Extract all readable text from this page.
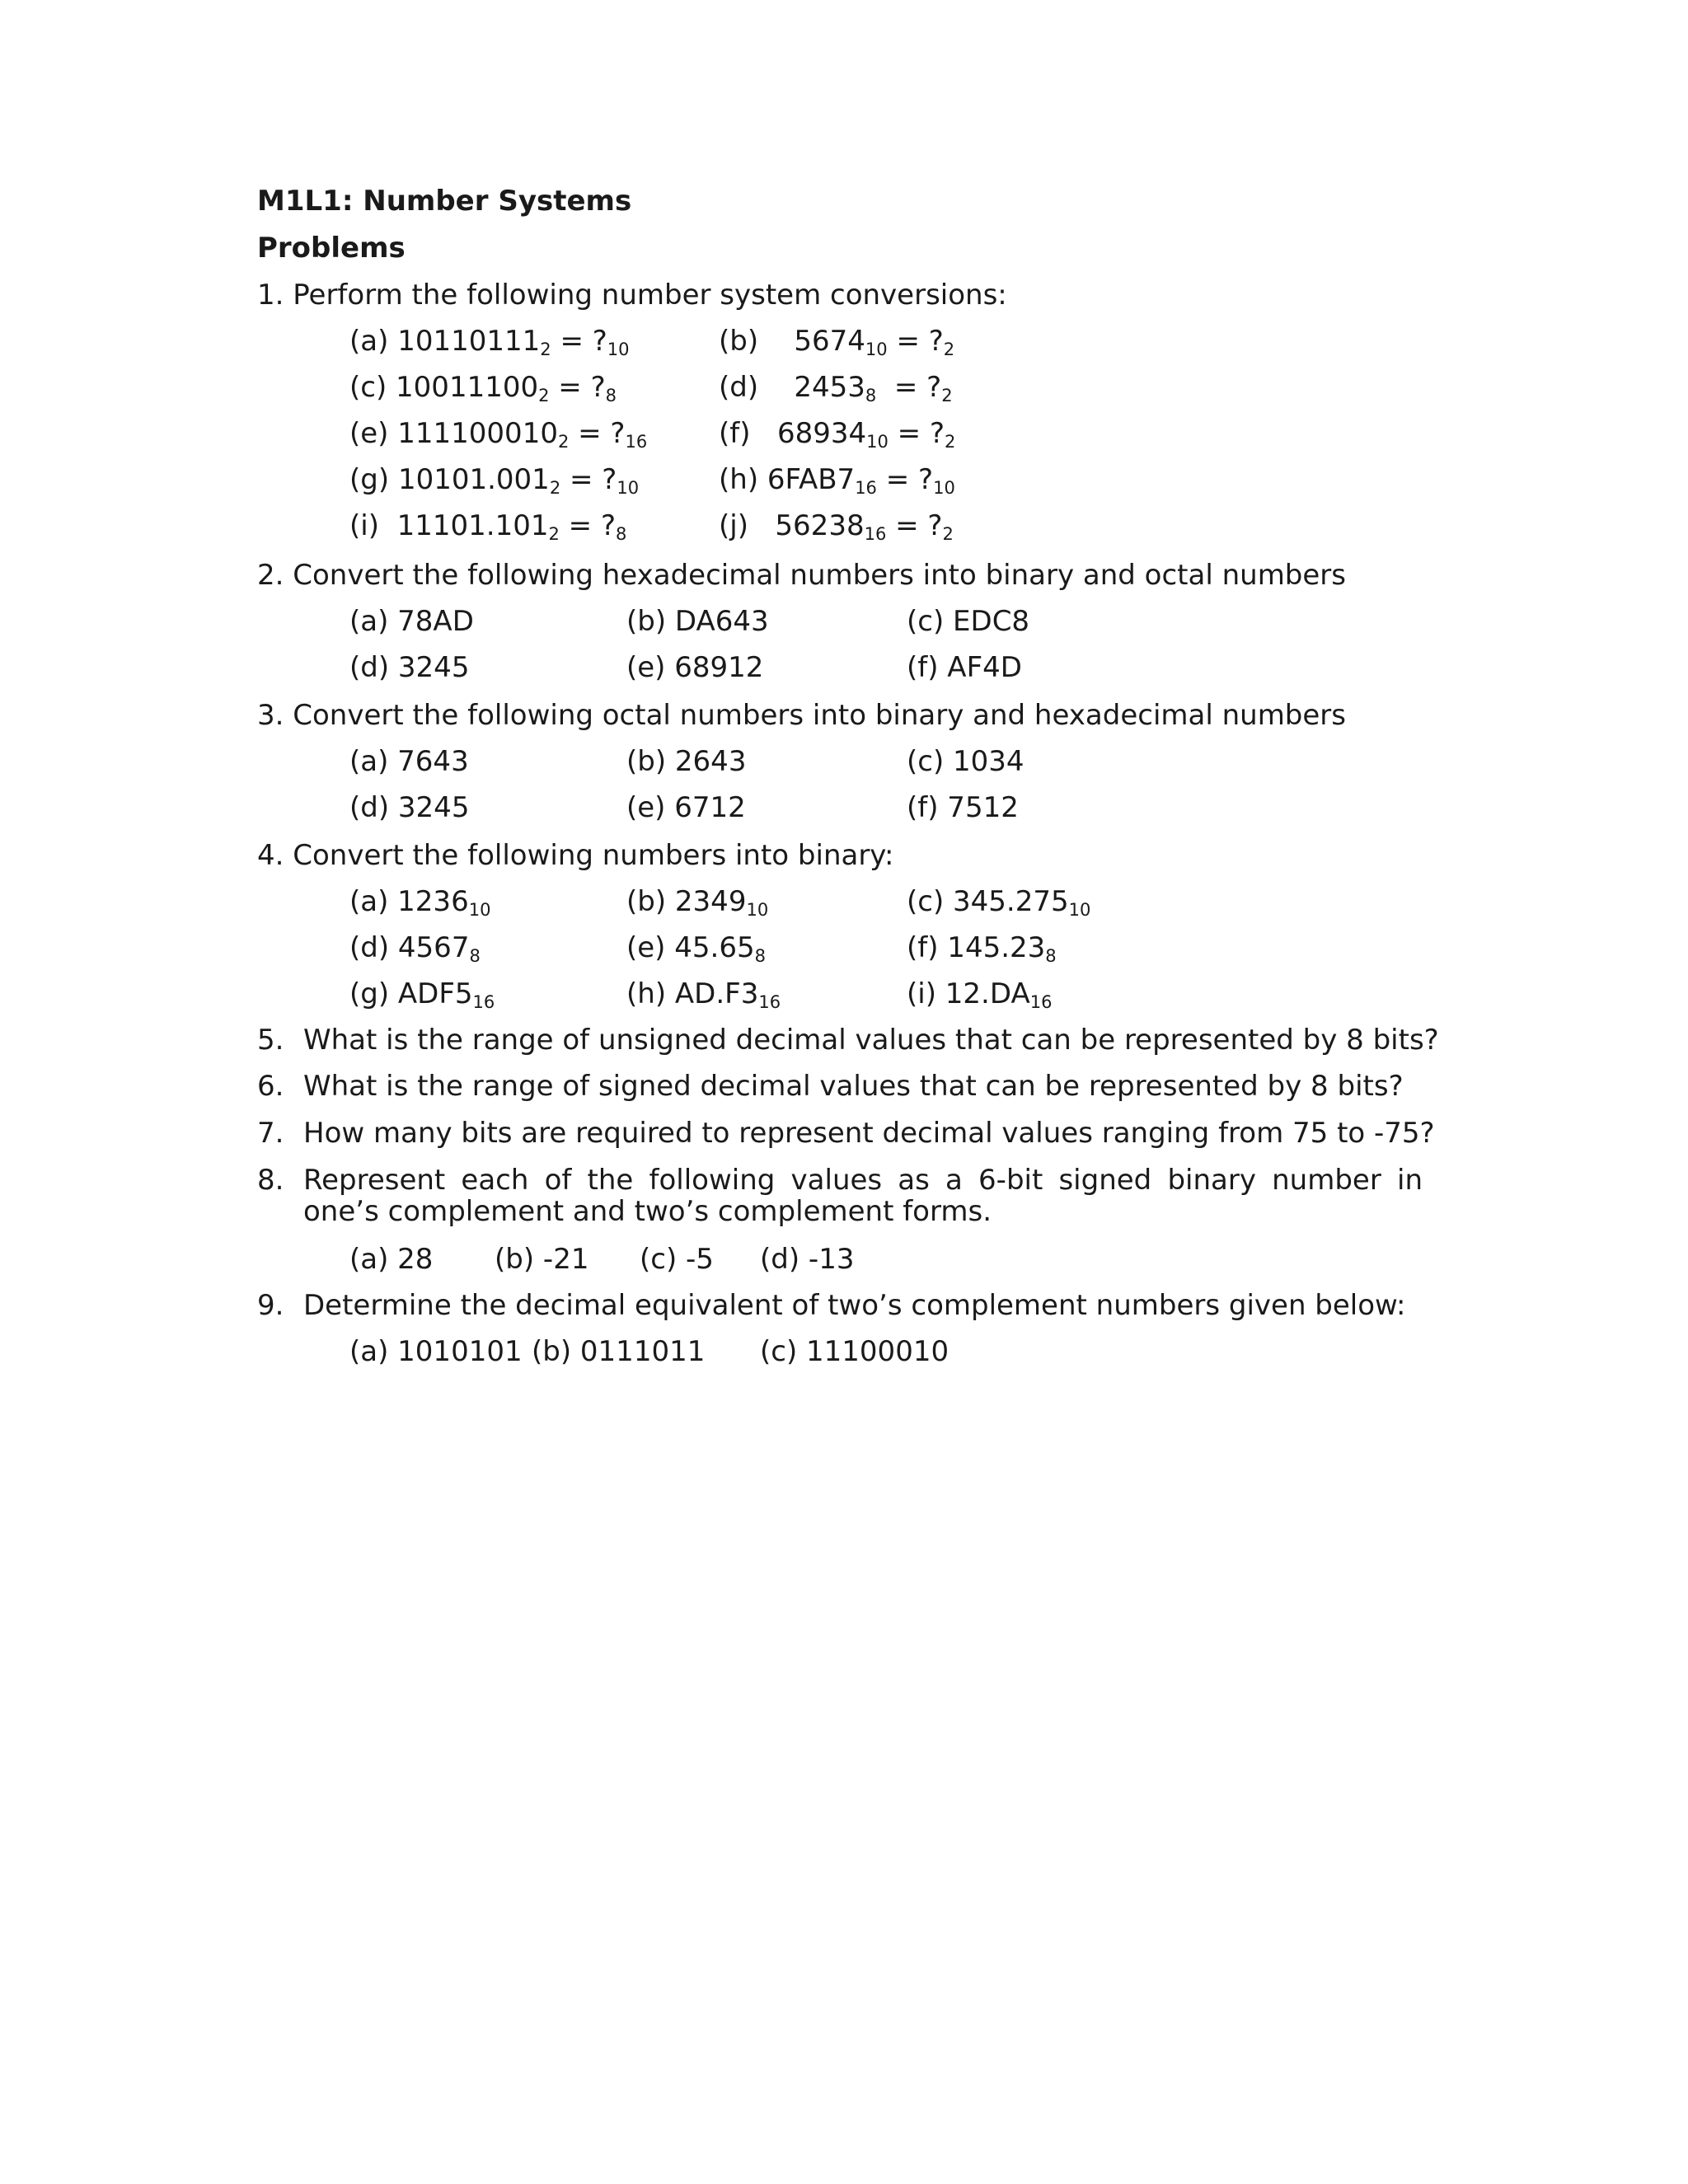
M1L1: Number Systems
Problems
1. Perform the following number system conversions:
(a) 101101112 = ?10	(b) 567410 = ?2
(c) 100111002 = ?8	(d) 24538 = ?2
(e) 1111000102 = ?16	(f) 6893410 = ?2
(g) 10101.0012 = ?10	(h) 6FAB716 = ?10
(i) 11101.1012 = ?8	(j) 5623816 = ?2
2. Convert the following hexadecimal numbers into binary and octal numbers
(a) 78AD	(b) DA643	(c) EDC8
(d) 3245	(e) 68912	(f) AF4D
3. Convert the following octal numbers into binary and hexadecimal numbers
(a) 7643	(b) 2643	(c) 1034
(d) 3245	(e) 6712	(f) 7512
4. Convert the following numbers into binary:
(a) 123610	(b) 234910	(c) 345.27510
(d) 45678	(e) 45.658	(f) 145.238
(g) ADF516	(h) AD.F316	(i) 12.DA16
5. What is the range of unsigned decimal values that can be represented by 8 bits?
6. What is the range of signed decimal values that can be represented by 8 bits?
7. How many bits are required to represent decimal values ranging from 75 to -75?
8. Represent each of the following values as a 6-bit signed binary number in one’s complement and two’s complement forms.
(a) 28 (b) -21 (c) -5 (d) -13
9. Determine the decimal equivalent of two’s complement numbers given below:
(a) 1010101 (b) 0111011 (c) 11100010
